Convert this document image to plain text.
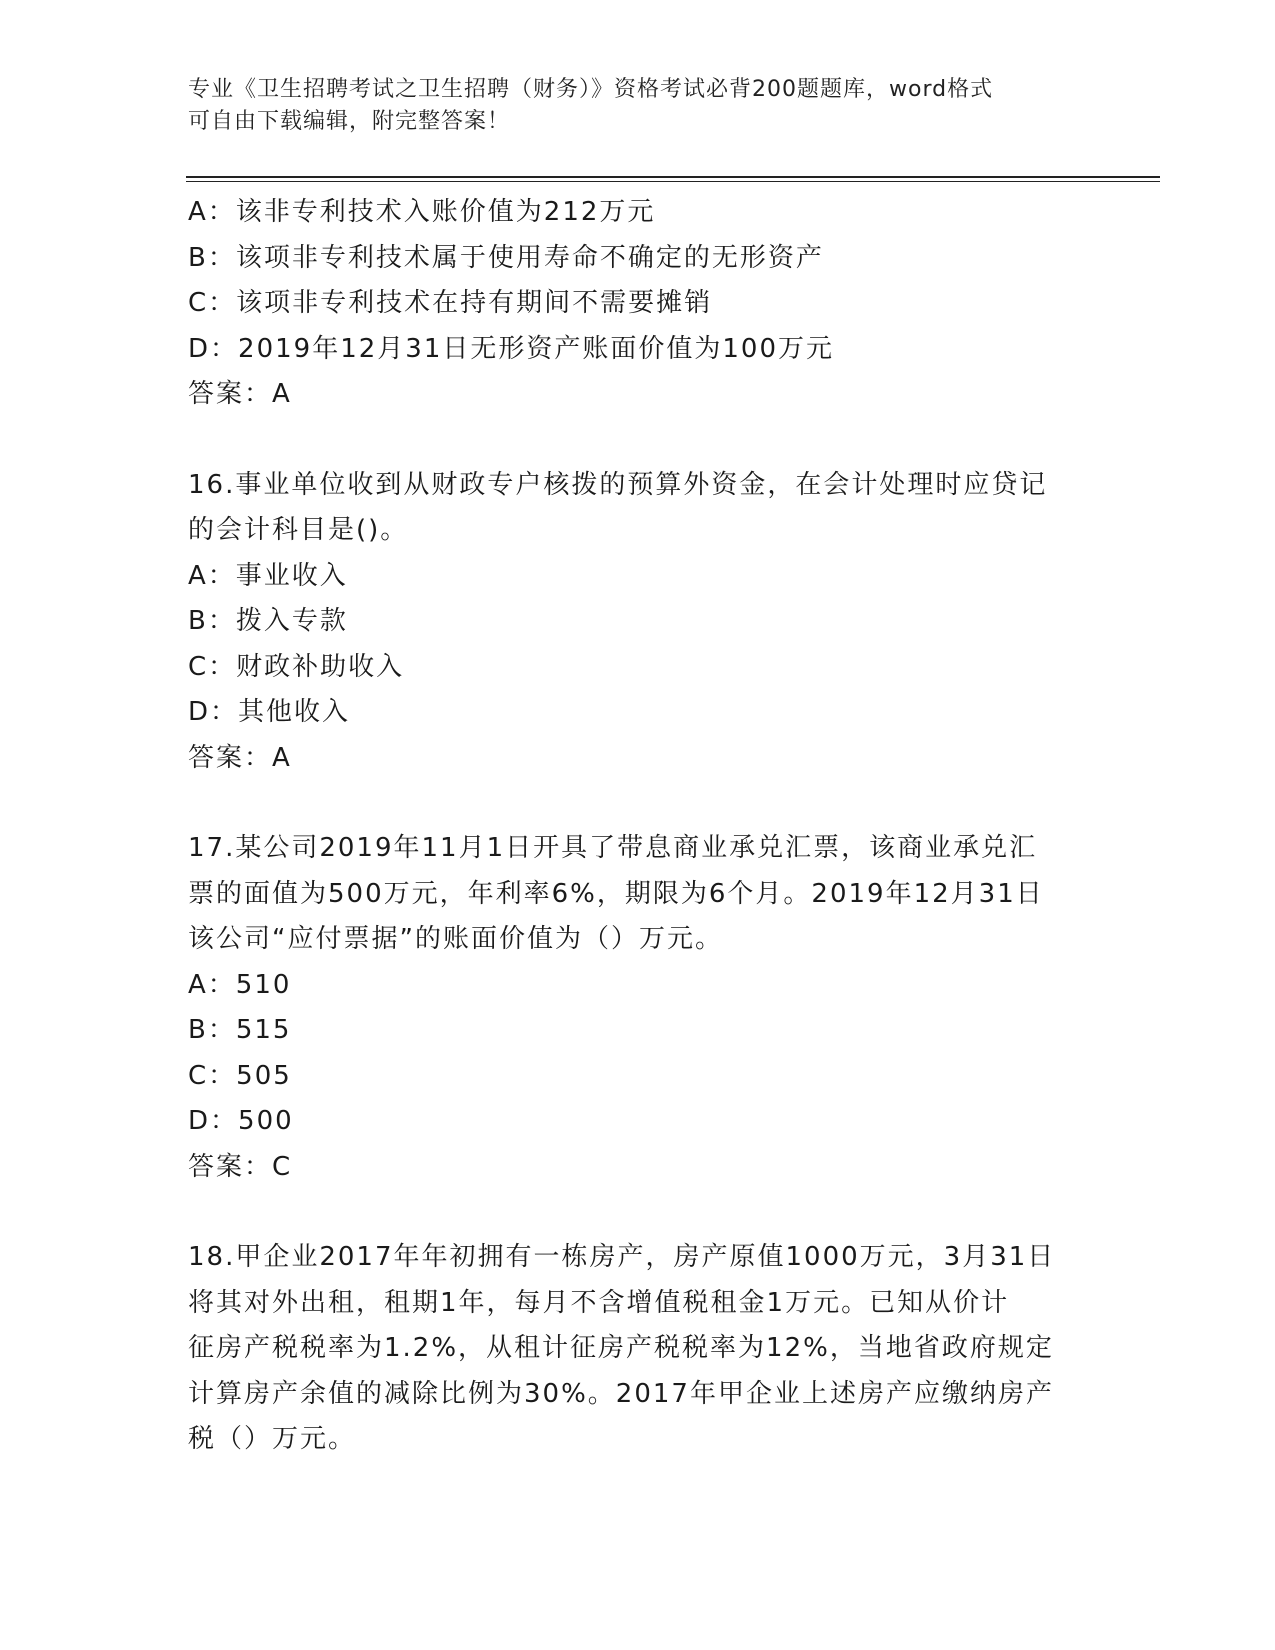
专业《卫生招聘考试之卫生招聘（财务）》资格考试必背200题题库，word格式
可自由下载编辑，附完整答案！
A：该非专利技术入账价值为212万元
B：该项非专利技术属于使用寿命不确定的无形资产
C：该项非专利技术在持有期间不需要摊销
D：2019年12月31日无形资产账面价值为100万元
答案：A
16.事业单位收到从财政专户核拨的预算外资金，在会计处理时应贷记
的会计科目是()。
A：事业收入
B：拨入专款
C：财政补助收入
D：其他收入
答案：A
17.某公司2019年11月1日开具了带息商业承兑汇票，该商业承兑汇
票的面值为500万元，年利率6%，期限为6个月。2019年12月31日
该公司“应付票据”的账面价值为（）万元。
A：510
B：515
C：505
D：500
答案：C
18.甲企业2017年年初拥有一栋房产，房产原值1000万元，3月31日
将其对外出租，租期1年，每月不含增值税租金1万元。已知从价计
征房产税税率为1.2%，从租计征房产税税率为12%，当地省政府规定
计算房产余值的减除比例为30%。2017年甲企业上述房产应缴纳房产
税（）万元。
